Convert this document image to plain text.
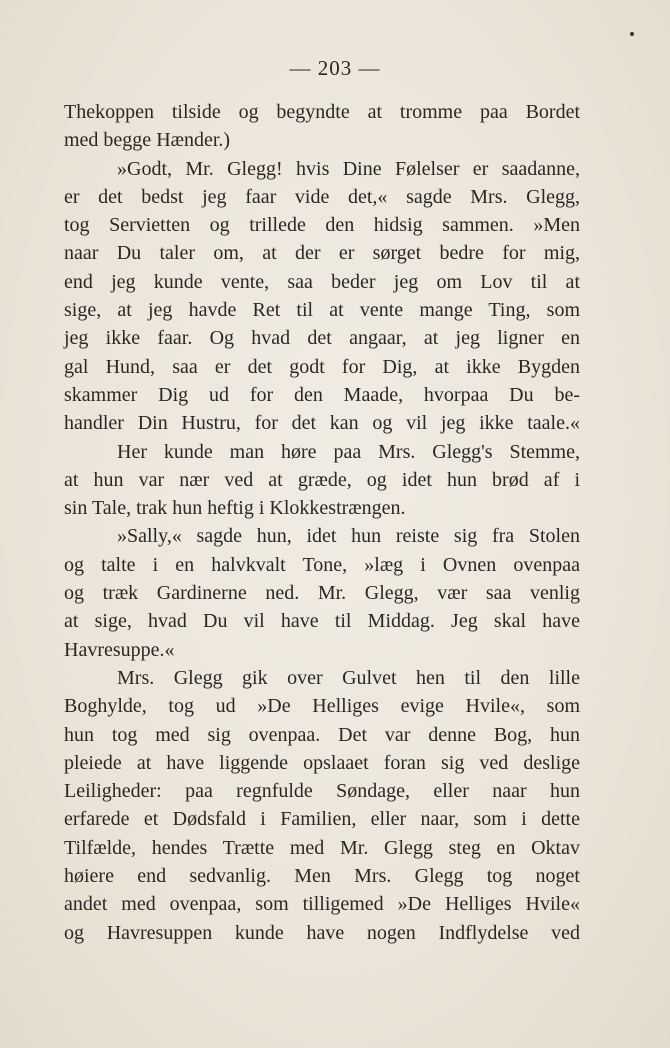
— 203 —
Thekoppen tilside og begyndte at tromme paa Bordet
med begge Hænder.)
»Godt, Mr. Glegg! hvis Dine Følelser er saadanne,
er det bedst jeg faar vide det,« sagde Mrs. Glegg,
tog Servietten og trillede den hidsig sammen. »Men
naar Du taler om, at der er sørget bedre for mig,
end jeg kunde vente, saa beder jeg om Lov til at
sige, at jeg havde Ret til at vente mange Ting, som
jeg ikke faar. Og hvad det angaar, at jeg ligner en
gal Hund, saa er det godt for Dig, at ikke Bygden
skammer Dig ud for den Maade, hvorpaa Du be-
handler Din Hustru, for det kan og vil jeg ikke taale.«
Her kunde man høre paa Mrs. Glegg's Stemme,
at hun var nær ved at græde, og idet hun brød af i
sin Tale, trak hun heftig i Klokkestrængen.
»Sally,« sagde hun, idet hun reiste sig fra Stolen
og talte i en halvkvalt Tone, »læg i Ovnen ovenpaa
og træk Gardinerne ned. Mr. Glegg, vær saa venlig
at sige, hvad Du vil have til Middag. Jeg skal have
Havresuppe.«
Mrs. Glegg gik over Gulvet hen til den lille
Boghylde, tog ud »De Helliges evige Hvile«, som
hun tog med sig ovenpaa. Det var denne Bog, hun
pleiede at have liggende opslaaet foran sig ved deslige
Leiligheder: paa regnfulde Søndage, eller naar hun
erfarede et Dødsfald i Familien, eller naar, som i dette
Tilfælde, hendes Trætte med Mr. Glegg steg en Oktav
høiere end sedvanlig. Men Mrs. Glegg tog noget
andet med ovenpaa, som tilligemed »De Helliges Hvile«
og Havresuppen kunde have nogen Indflydelse ved
